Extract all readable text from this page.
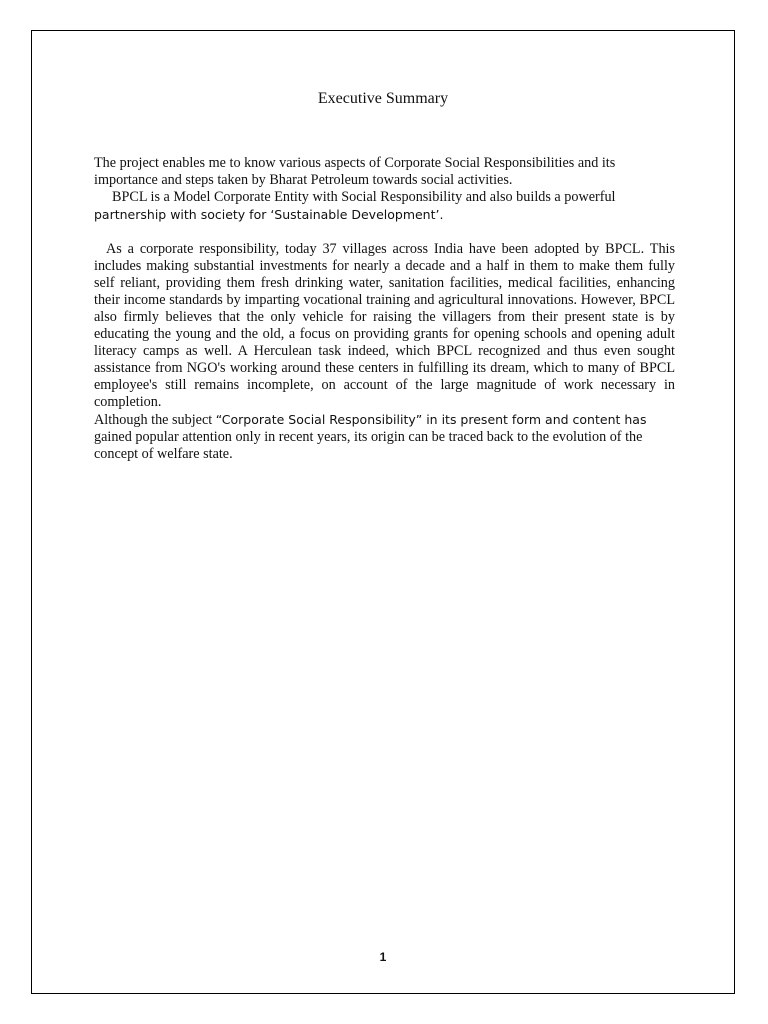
Executive Summary

The project enables me to know various aspects of Corporate Social Responsibilities and its importance and steps taken by Bharat Petroleum towards social activities.

BPCL is a Model Corporate Entity with Social Responsibility and also builds a powerful
partnership with society for ‘Sustainable Development’.

As a corporate responsibility, today 37 villages across India have been adopted by BPCL. This includes making substantial investments for nearly a decade and a half in them to make them fully self reliant, providing them fresh drinking water, sanitation facilities, medical facilities, enhancing their income standards by imparting vocational training and agricultural innovations. However, BPCL also firmly believes that the only vehicle for raising the villagers from their present state is by educating the young and the old, a focus on providing grants for opening schools and opening adult literacy camps as well. A Herculean task indeed, which BPCL recognized and thus even sought assistance from NGO's working around these centers in fulfilling its dream, which to many of BPCL employee's still remains incomplete, on account of the large magnitude of work necessary in completion.

Although the subject “Corporate Social Responsibility” in its present form and content has gained popular attention only in recent years, its origin can be traced back to the evolution of the concept of welfare state.

1
